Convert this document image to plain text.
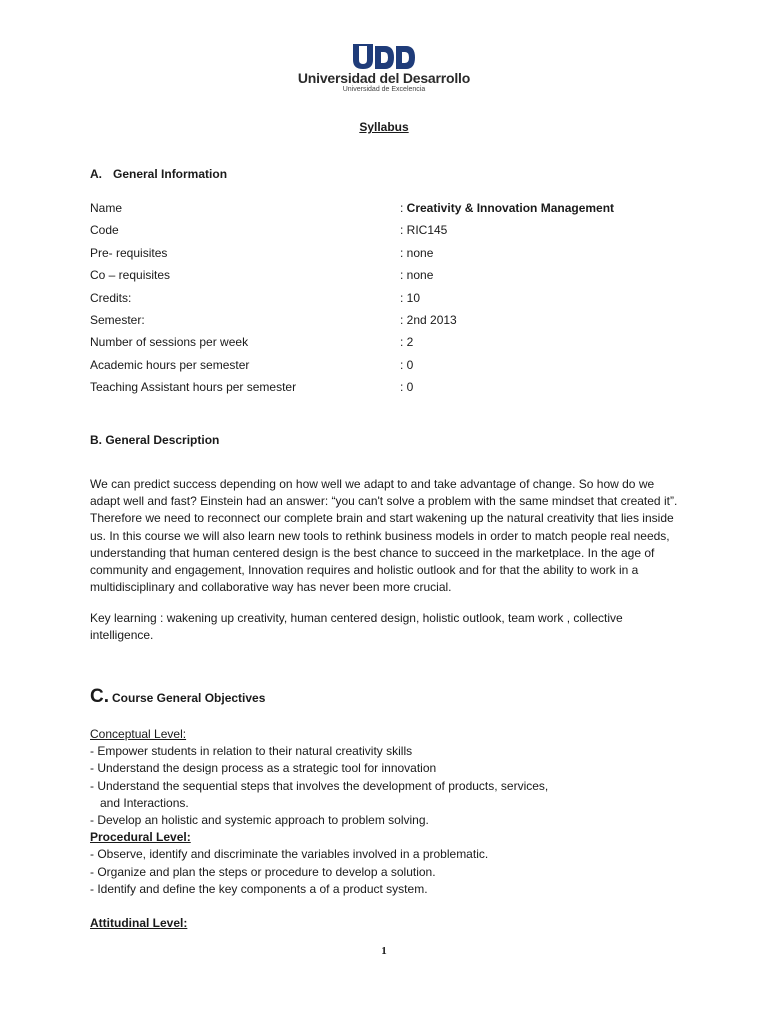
Universidad del Desarrollo
Universidad de Excelencia
Syllabus
A. General Information
Name	: Creativity & Innovation Management
Code	: RIC145
Pre- requisites	: none
Co – requisites	: none
Credits:	: 10
Semester:	: 2nd 2013
Number of sessions per week	: 2
Academic hours per semester	: 0
Teaching Assistant hours per semester	: 0
B. General Description
We can predict success depending on how well we adapt to and take advantage of change. So how do we adapt well and fast? Einstein had an answer: “you can't solve a problem with the same mindset that created it”. Therefore we need to reconnect our complete brain and start wakening up the natural creativity that lies inside us. In this course we will also learn new tools to rethink business models in order to match people real needs, understanding that human centered design is the best chance to succeed in the marketplace. In the age of community and engagement, Innovation requires and holistic outlook and for that the ability to work in a multidisciplinary and collaborative way has never been more crucial.
Key learning : wakening up creativity, human centered design, holistic outlook, team work , collective intelligence.
C. Course General Objectives
Conceptual Level:
- Empower students in relation to their natural creativity skills
- Understand the design process as a strategic tool for innovation
- Understand the sequential steps that involves the development of products, services,
and Interactions.
- Develop an holistic and systemic approach to problem solving.
Procedural Level:
- Observe, identify and discriminate the variables involved in a problematic.
- Organize and plan the steps or procedure to develop a solution.
- Identify and define the key components a of a product system.
Attitudinal Level:
1
